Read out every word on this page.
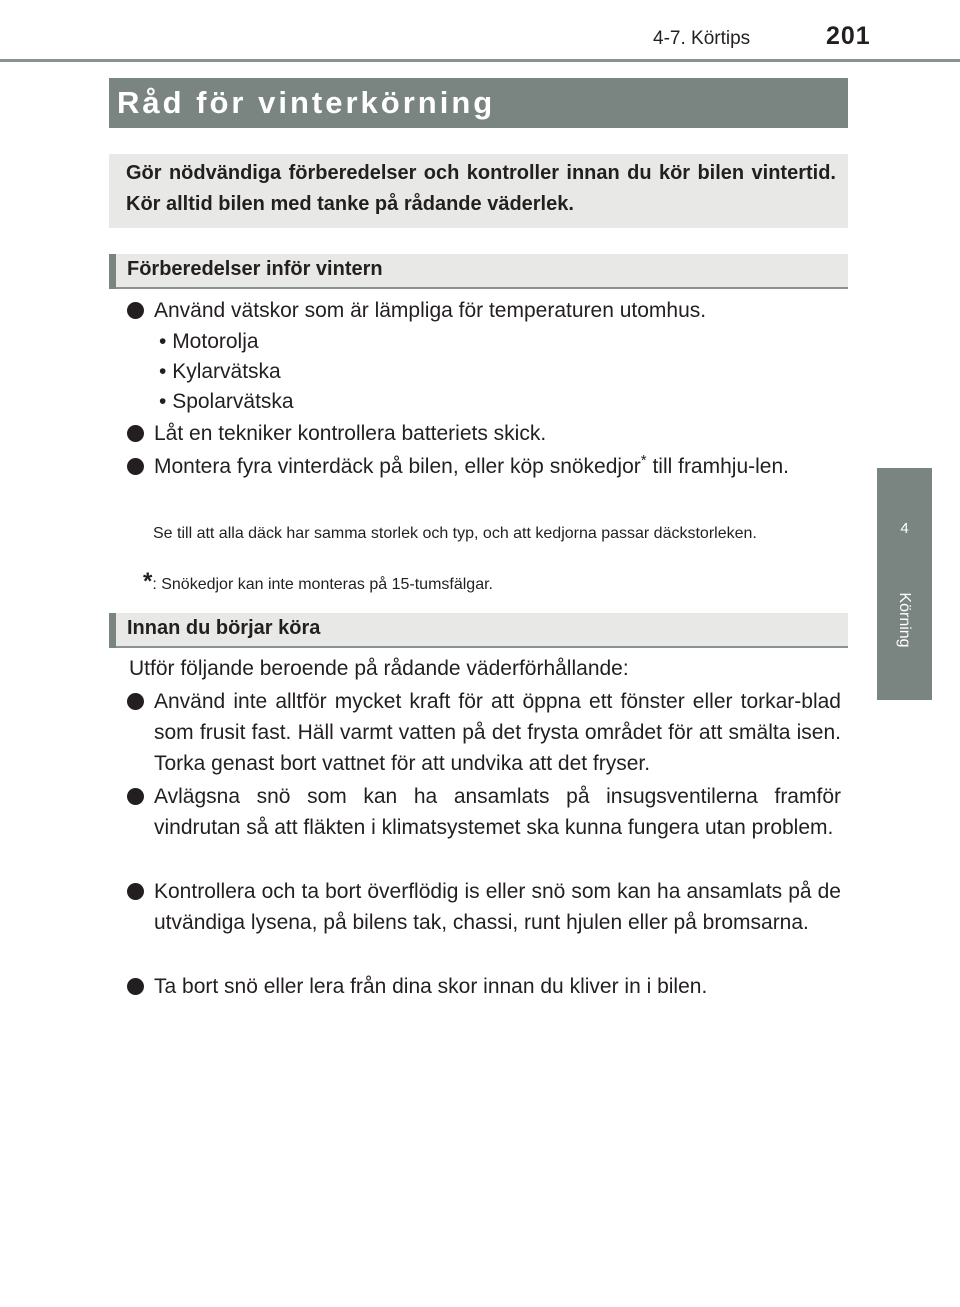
4-7. Körtips	201
4
Körning
Råd för vinterkörning
Gör nödvändiga förberedelser och kontroller innan du kör bilen vintertid. Kör alltid bilen med tanke på rådande väderlek.
Förberedelser inför vintern
Använd vätskor som är lämpliga för temperaturen utomhus.
• Motorolja
• Kylarvätska
• Spolarvätska
Låt en tekniker kontrollera batteriets skick.
Montera fyra vinterdäck på bilen, eller köp snökedjor* till framhju-len.
Se till att alla däck har samma storlek och typ, och att kedjorna passar däckstorleken.
*: Snökedjor kan inte monteras på 15-tumsfälgar.
Innan du börjar köra
Utför följande beroende på rådande väderförhållande:
Använd inte alltför mycket kraft för att öppna ett fönster eller torkar-blad som frusit fast. Häll varmt vatten på det frysta området för att smälta isen. Torka genast bort vattnet för att undvika att det fryser.
Avlägsna snö som kan ha ansamlats på insugsventilerna framför vindrutan så att fläkten i klimatsystemet ska kunna fungera utan problem.
Kontrollera och ta bort överflödig is eller snö som kan ha ansamlats på de utvändiga lysena, på bilens tak, chassi, runt hjulen eller på bromsarna.
Ta bort snö eller lera från dina skor innan du kliver in i bilen.
